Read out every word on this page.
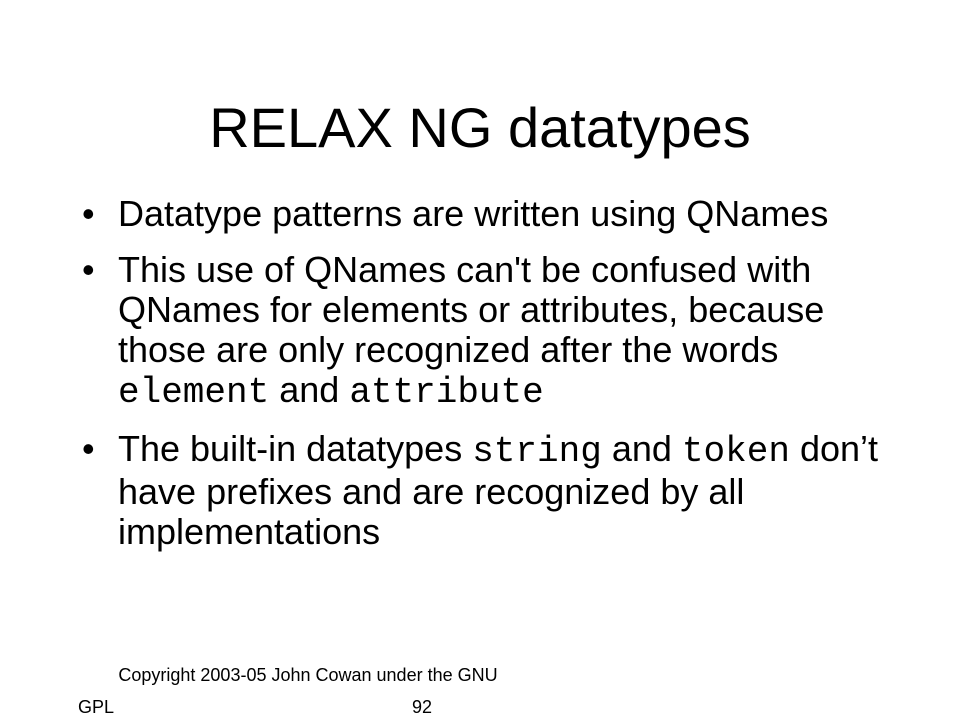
RELAX NG datatypes
• Datatype patterns are written using QNames
• This use of QNames can't be confused with QNames for elements or attributes, because those are only recognized after the words element and attribute
• The built-in datatypes string and token don’t have prefixes and are recognized by all implementations
Copyright 2003-05 John Cowan under the GNU
GPL	92
